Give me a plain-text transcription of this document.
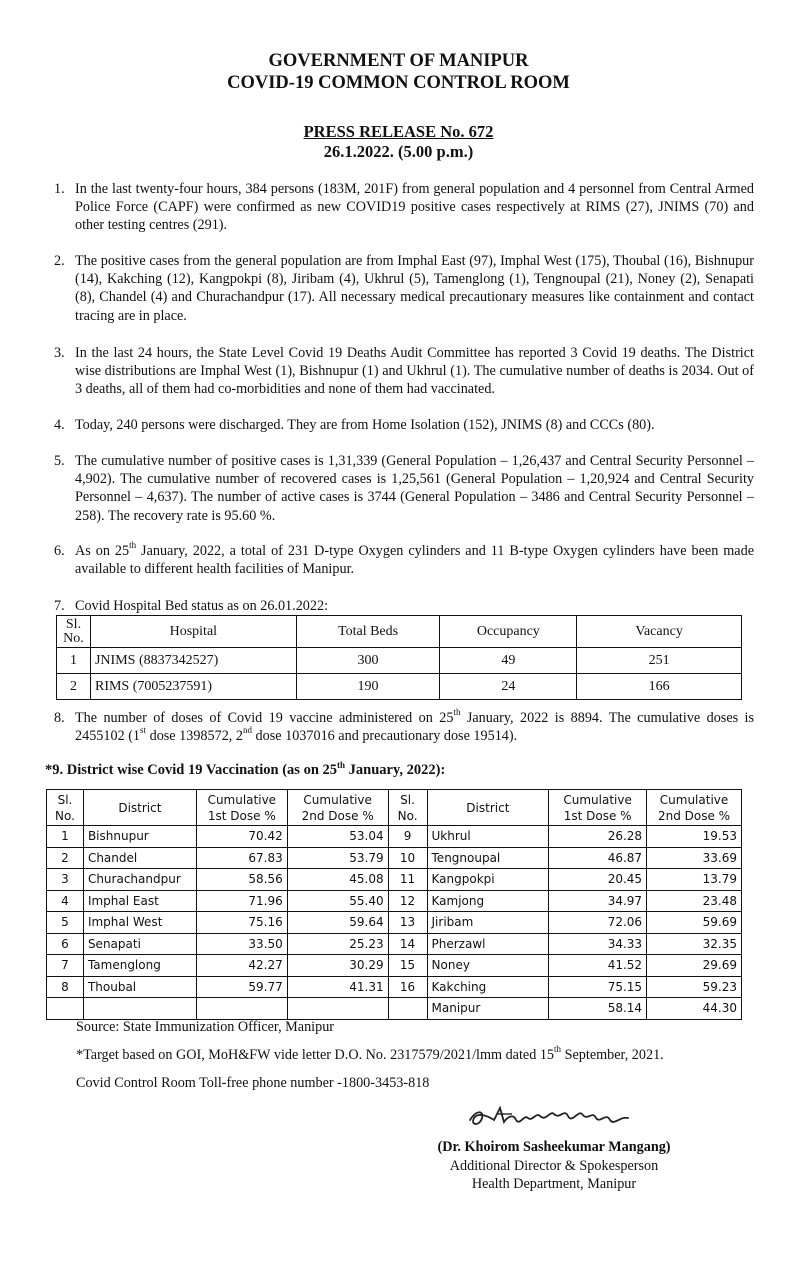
GOVERNMENT OF MANIPUR
COVID-19 COMMON CONTROL ROOM
PRESS RELEASE No. 672
26.1.2022. (5.00 p.m.)
1. In the last twenty-four hours, 384 persons (183M, 201F) from general population and 4 personnel from Central Armed Police Force (CAPF) were confirmed as new COVID19 positive cases respectively at RIMS (27), JNIMS (70) and other testing centres (291).
2. The positive cases from the general population are from Imphal East (97), Imphal West (175), Thoubal (16), Bishnupur (14), Kakching (12), Kangpokpi (8), Jiribam (4), Ukhrul (5), Tamenglong (1), Tengnoupal (21), Noney (2), Senapati (8), Chandel (4) and Churachandpur (17). All necessary medical precautionary measures like containment and contact tracing are in place.
3. In the last 24 hours, the State Level Covid 19 Deaths Audit Committee has reported 3 Covid 19 deaths. The District wise distributions are Imphal West (1), Bishnupur (1) and Ukhrul (1). The cumulative number of deaths is 2034. Out of 3 deaths, all of them had co-morbidities and none of them had vaccinated.
4. Today, 240 persons were discharged. They are from Home Isolation (152), JNIMS (8) and CCCs (80).
5. The cumulative number of positive cases is 1,31,339 (General Population – 1,26,437 and Central Security Personnel – 4,902). The cumulative number of recovered cases is 1,25,561 (General Population – 1,20,924 and Central Security Personnel – 4,637). The number of active cases is 3744 (General Population – 3486 and Central Security Personnel – 258). The recovery rate is 95.60 %.
6. As on 25th January, 2022, a total of 231 D-type Oxygen cylinders and 11 B-type Oxygen cylinders have been made available to different health facilities of Manipur.
7. Covid Hospital Bed status as on 26.01.2022:
Sl. No.	Hospital	Total Beds	Occupancy	Vacancy
1	JNIMS (8837342527)	300	49	251
2	RIMS (7005237591)	190	24	166
8. The number of doses of Covid 19 vaccine administered on 25th January, 2022 is 8894. The cumulative doses is 2455102 (1st dose 1398572, 2nd dose 1037016 and precautionary dose 19514).
*9. District wise Covid 19 Vaccination (as on 25th January, 2022):
Sl. No.	District	Cumulative 1st Dose %	Cumulative 2nd Dose %	Sl. No.	District	Cumulative 1st Dose %	Cumulative 2nd Dose %
1	Bishnupur	70.42	53.04	9	Ukhrul	26.28	19.53
2	Chandel	67.83	53.79	10	Tengnoupal	46.87	33.69
3	Churachandpur	58.56	45.08	11	Kangpokpi	20.45	13.79
4	Imphal East	71.96	55.40	12	Kamjong	34.97	23.48
5	Imphal West	75.16	59.64	13	Jiribam	72.06	59.69
6	Senapati	33.50	25.23	14	Pherzawl	34.33	32.35
7	Tamenglong	42.27	30.29	15	Noney	41.52	29.69
8	Thoubal	59.77	41.31	16	Kakching	75.15	59.23
					Manipur	58.14	44.30
Source: State Immunization Officer, Manipur
*Target based on GOI, MoH&FW vide letter D.O. No. 2317579/2021/lmm dated 15th September, 2021.
Covid Control Room Toll-free phone number -1800-3453-818
(Dr. Khoirom Sasheekumar Mangang)
Additional Director & Spokesperson
Health Department, Manipur
